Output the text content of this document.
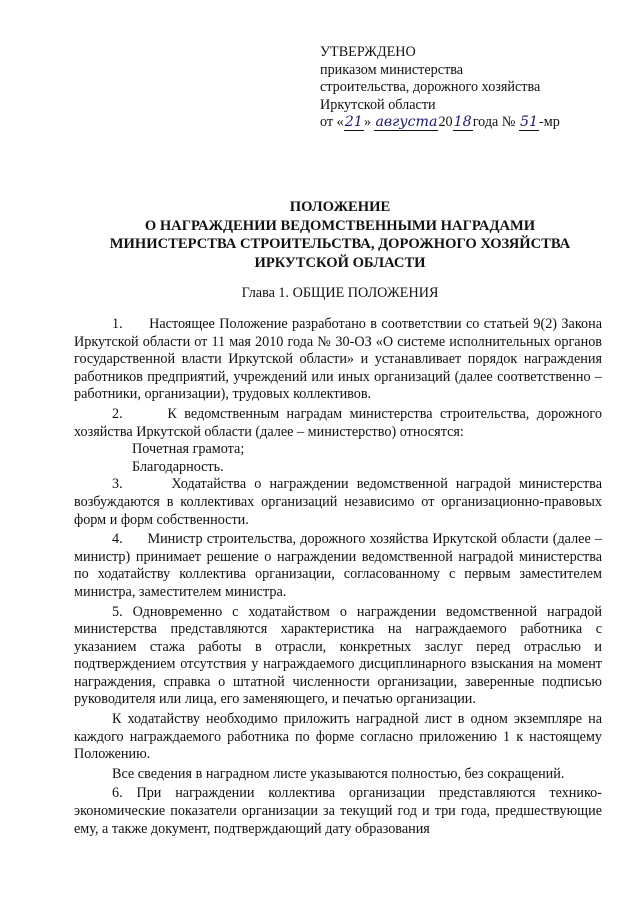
УТВЕРЖДЕНО
приказом министерства
строительства, дорожного хозяйства
Иркутской области
от «21» августа2018года № 51-мр
ПОЛОЖЕНИЕ
О НАГРАЖДЕНИИ ВЕДОМСТВЕННЫМИ НАГРАДАМИ
МИНИСТЕРСТВА СТРОИТЕЛЬСТВА, ДОРОЖНОГО ХОЗЯЙСТВА
ИРКУТСКОЙ ОБЛАСТИ
Глава 1. ОБЩИЕ ПОЛОЖЕНИЯ

1.      Настоящее Положение разработано в соответствии со статьей 9(2) Закона Иркутской области от 11 мая 2010 года № 30-ОЗ «О системе исполнительных органов государственной власти Иркутской области» и устанавливает порядок награждения работников предприятий, учреждений или иных организаций (далее соответственно – работники, организации), трудовых коллективов.

2.      К ведомственным наградам министерства строительства, дорожного хозяйства Иркутской области (далее – министерство) относятся:

Почетная грамота;

Благодарность.

3.      Ходатайства о награждении ведомственной наградой министерства возбуждаются в коллективах организаций независимо от организационно-правовых форм и форм собственности.

4.      Министр строительства, дорожного хозяйства Иркутской области (далее – министр) принимает решение о награждении ведомственной наградой министерства по ходатайству коллектива организации, согласованному с первым заместителем министра, заместителем министра.

5. Одновременно с ходатайством о награждении ведомственной наградой министерства представляются характеристика на награждаемого работника с указанием стажа работы в отрасли, конкретных заслуг перед отраслью и подтверждением отсутствия у награждаемого дисциплинарного взыскания на момент награждения, справка о штатной численности организации, заверенные подписью руководителя или лица, его заменяющего, и печатью организации.

К ходатайству необходимо приложить наградной лист в одном экземпляре на каждого награждаемого работника по форме согласно приложению 1 к настоящему Положению.

Все сведения в наградном листе указываются полностью, без сокращений.

6. При награждении коллектива организации представляются технико-экономические показатели организации за текущий год и три года, предшествующие ему, а также документ, подтверждающий дату образования
